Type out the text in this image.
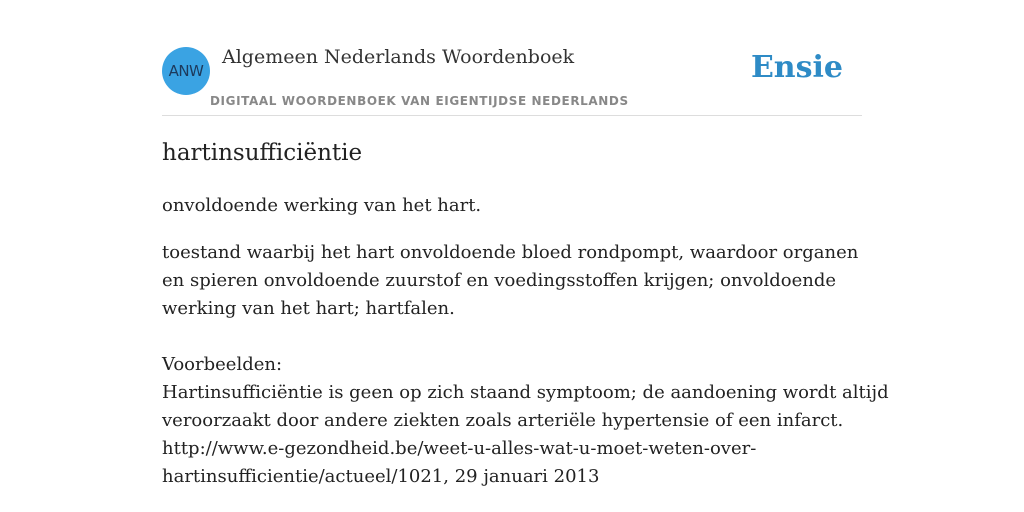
ANW
Algemeen Nederlands Woordenboek
DIGITAAL WOORDENBOEK VAN EIGENTIJDSE NEDERLANDS
Ensie
hartinsufficiëntie
onvoldoende werking van het hart.
toestand waarbij het hart onvoldoende bloed rondpompt, waardoor organen en spieren onvoldoende zuurstof en voedingsstoffen krijgen; onvoldoende werking van het hart; hartfalen.
Voorbeelden:
Hartinsufficiëntie is geen op zich staand symptoom; de aandoening wordt altijd
veroorzaakt door andere ziekten zoals arteriële hypertensie of een infarct.
http://www.e-gezondheid.be/weet-u-alles-wat-u-moet-weten-over-
hartinsufficientie/actueel/1021, 29 januari 2013
